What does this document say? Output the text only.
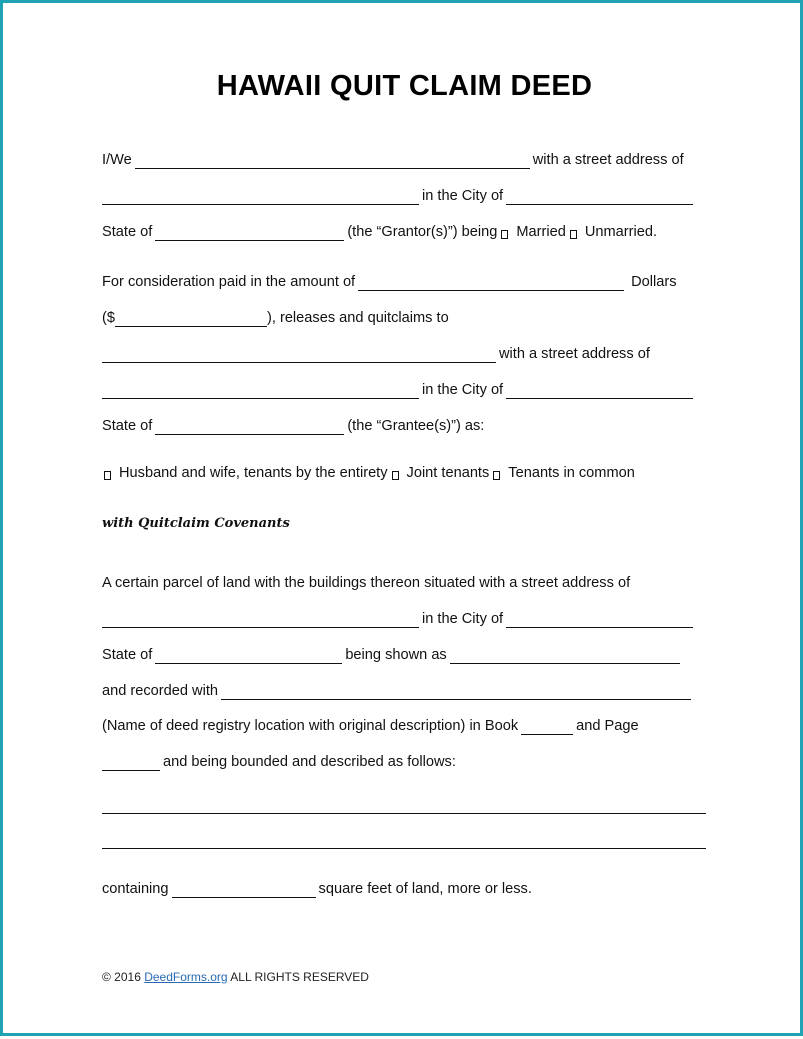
HAWAII QUIT CLAIM DEED
I/We	with a street address of
in the City of
State of	(the “Grantor(s)”) being Married Unmarried.
For consideration paid in the amount of	Dollars
($	), releases and quitclaims to
with a street address of
in the City of
State of	(the “Grantee(s)”) as:
Husband and wife, tenants by the entirety Joint tenants Tenants in common
with Quitclaim Covenants
A certain parcel of land with the buildings thereon situated with a street address of
in the City of
State of	being shown as
and recorded with
(Name of deed registry location with original description) in Book	and Page
and being bounded and described as follows:
containing	square feet of land, more or less.
© 2016 DeedForms.org ALL RIGHTS RESERVED
